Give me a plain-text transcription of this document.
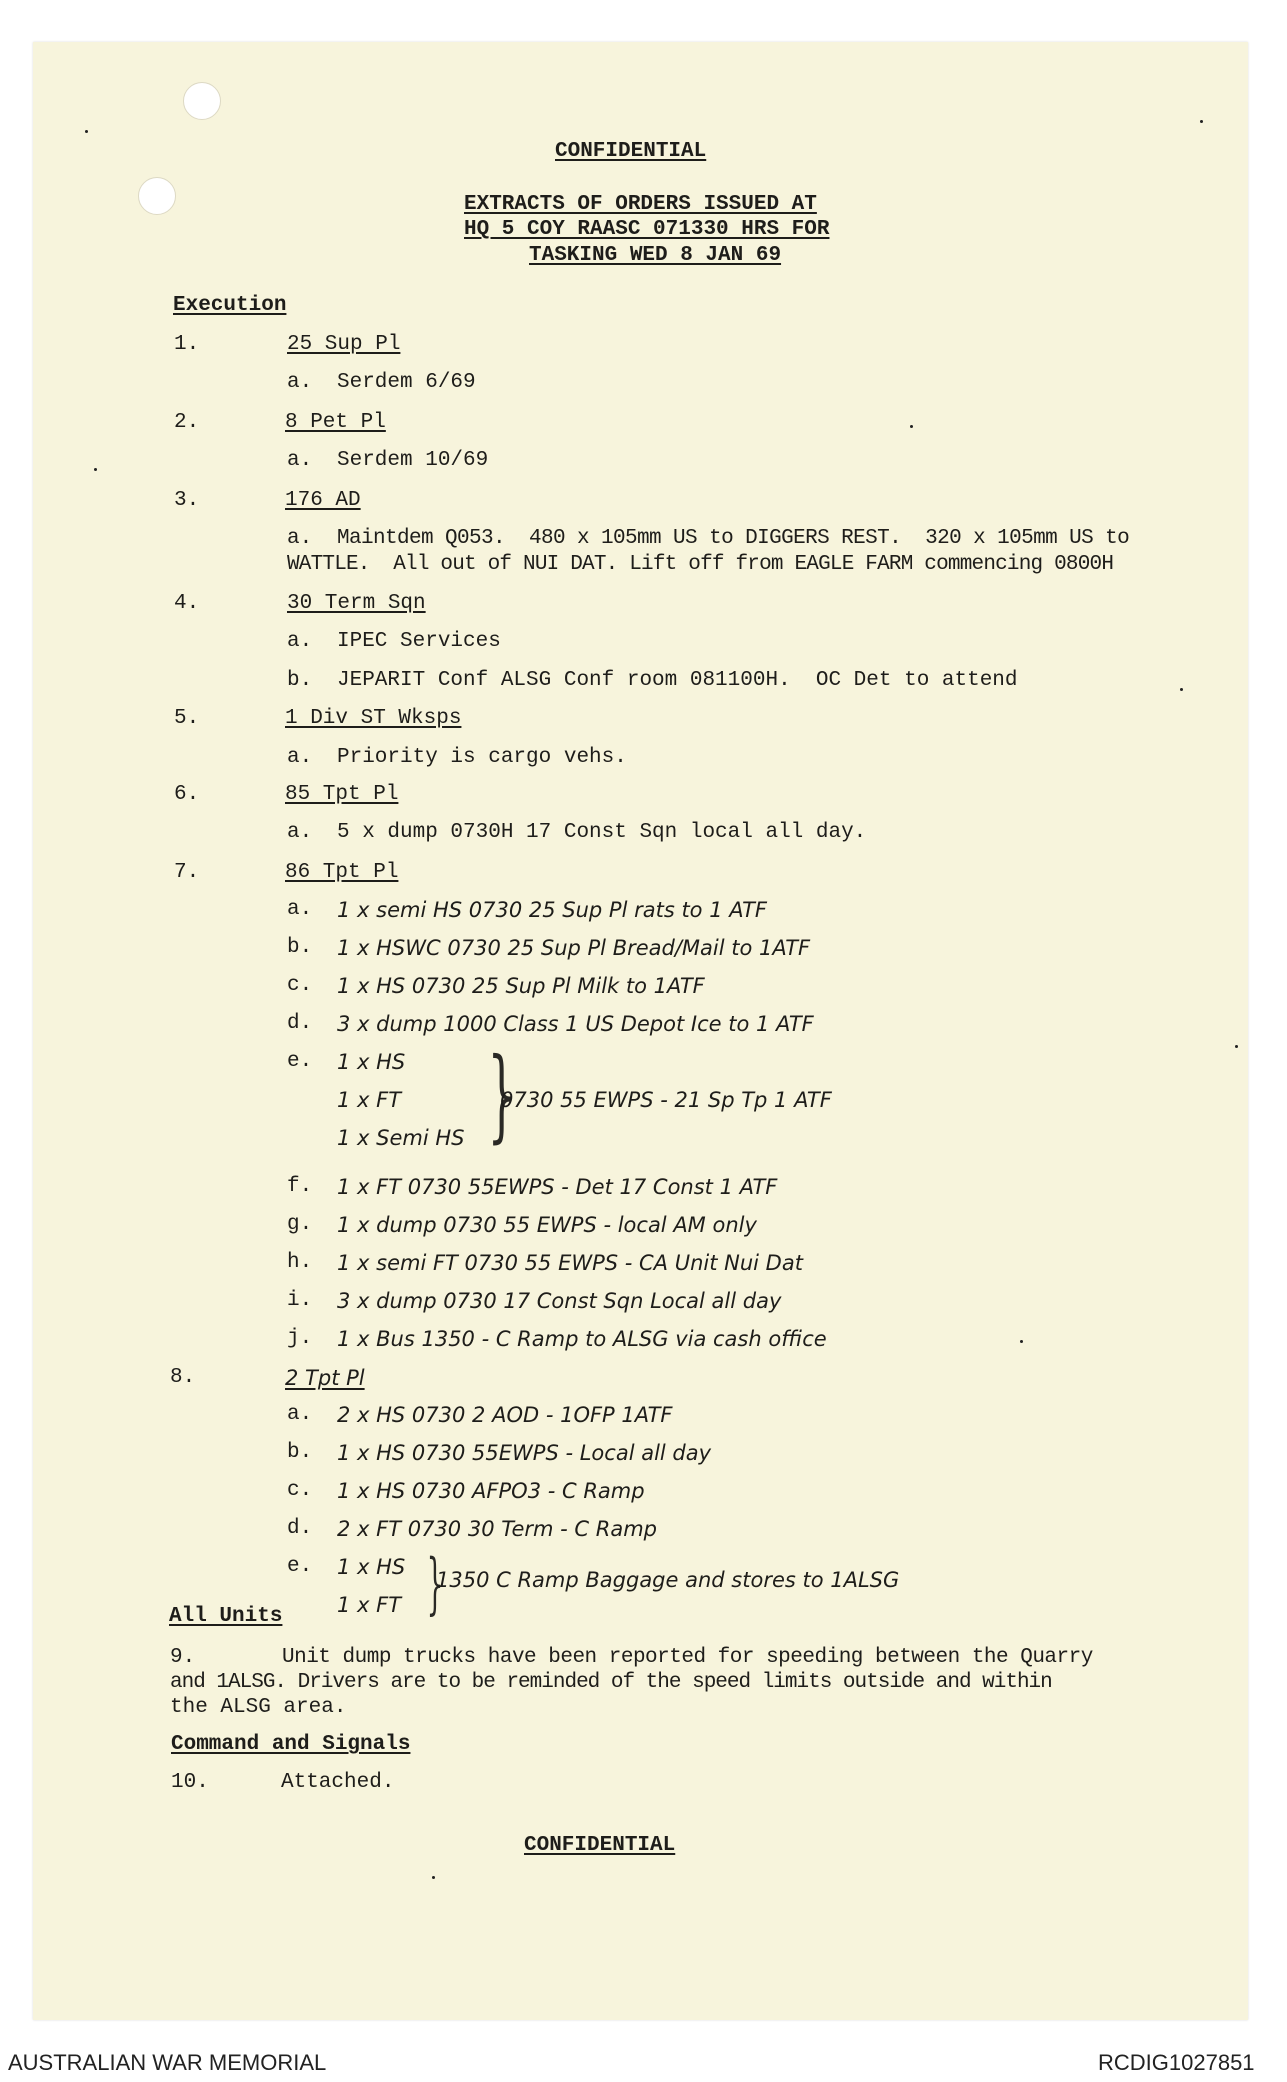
CONFIDENTIAL
EXTRACTS OF ORDERS ISSUED AT
HQ 5 COY RAASC 071330 HRS FOR
TASKING WED 8 JAN 69
Execution
1.	25 Sup Pl
a. Serdem 6/69
2.	8 Pet Pl
a. Serdem 10/69
3.	176 AD
a. Maintdem Q053.  480 x 105mm US to DIGGERS REST.  320 x 105mm US to
WATTLE.  All out of NUI DAT. Lift off from EAGLE FARM commencing 0800H
4.	30 Term Sqn
a. IPEC Services
b. JEPARIT Conf ALSG Conf room 081100H.  OC Det to attend
5.	1 Div ST Wksps
a. Priority is cargo vehs.
6.	85 Tpt Pl
a. 5 x dump 0730H 17 Const Sqn local all day.
7.	86 Tpt Pl
a. 1 x semi HS 0730 25 Sup Pl rats to 1 ATF
b. 1 x HSWC 0730 25 Sup Pl Bread/Mail to 1ATF
c. 1 x HS 0730 25 Sup Pl Milk to 1ATF
d. 3 x dump 1000 Class 1 US Depot Ice to 1 ATF
e. 1 x HS
1 x FT
1 x Semi HS }
0730 55 EWPS - 21 Sp Tp 1 ATF
f. 1 x FT 0730 55EWPS - Det 17 Const 1 ATF
g. 1 x dump 0730 55 EWPS - local AM only
h. 1 x semi FT 0730 55 EWPS - CA Unit Nui Dat
i. 3 x dump 0730 17 Const Sqn Local all day
j. 1 x Bus 1350 - C Ramp to ALSG via cash office
8.	2 Tpt Pl
a. 2 x HS 0730 2 AOD - 1OFP 1ATF
b. 1 x HS 0730 55EWPS - Local all day
c. 1 x HS 0730 AFPO3 - C Ramp
d. 2 x FT 0730 30 Term - C Ramp
e. 1 x HS
1 x FT }
1350 C Ramp Baggage and stores to 1ALSG
All Units
9.	Unit dump trucks have been reported for speeding between the Quarry
and 1ALSG. Drivers are to be reminded of the speed limits outside and within
the ALSG area.
Command and Signals
10.	Attached.
CONFIDENTIAL
AUSTRALIAN WAR MEMORIAL	RCDIG1027851
